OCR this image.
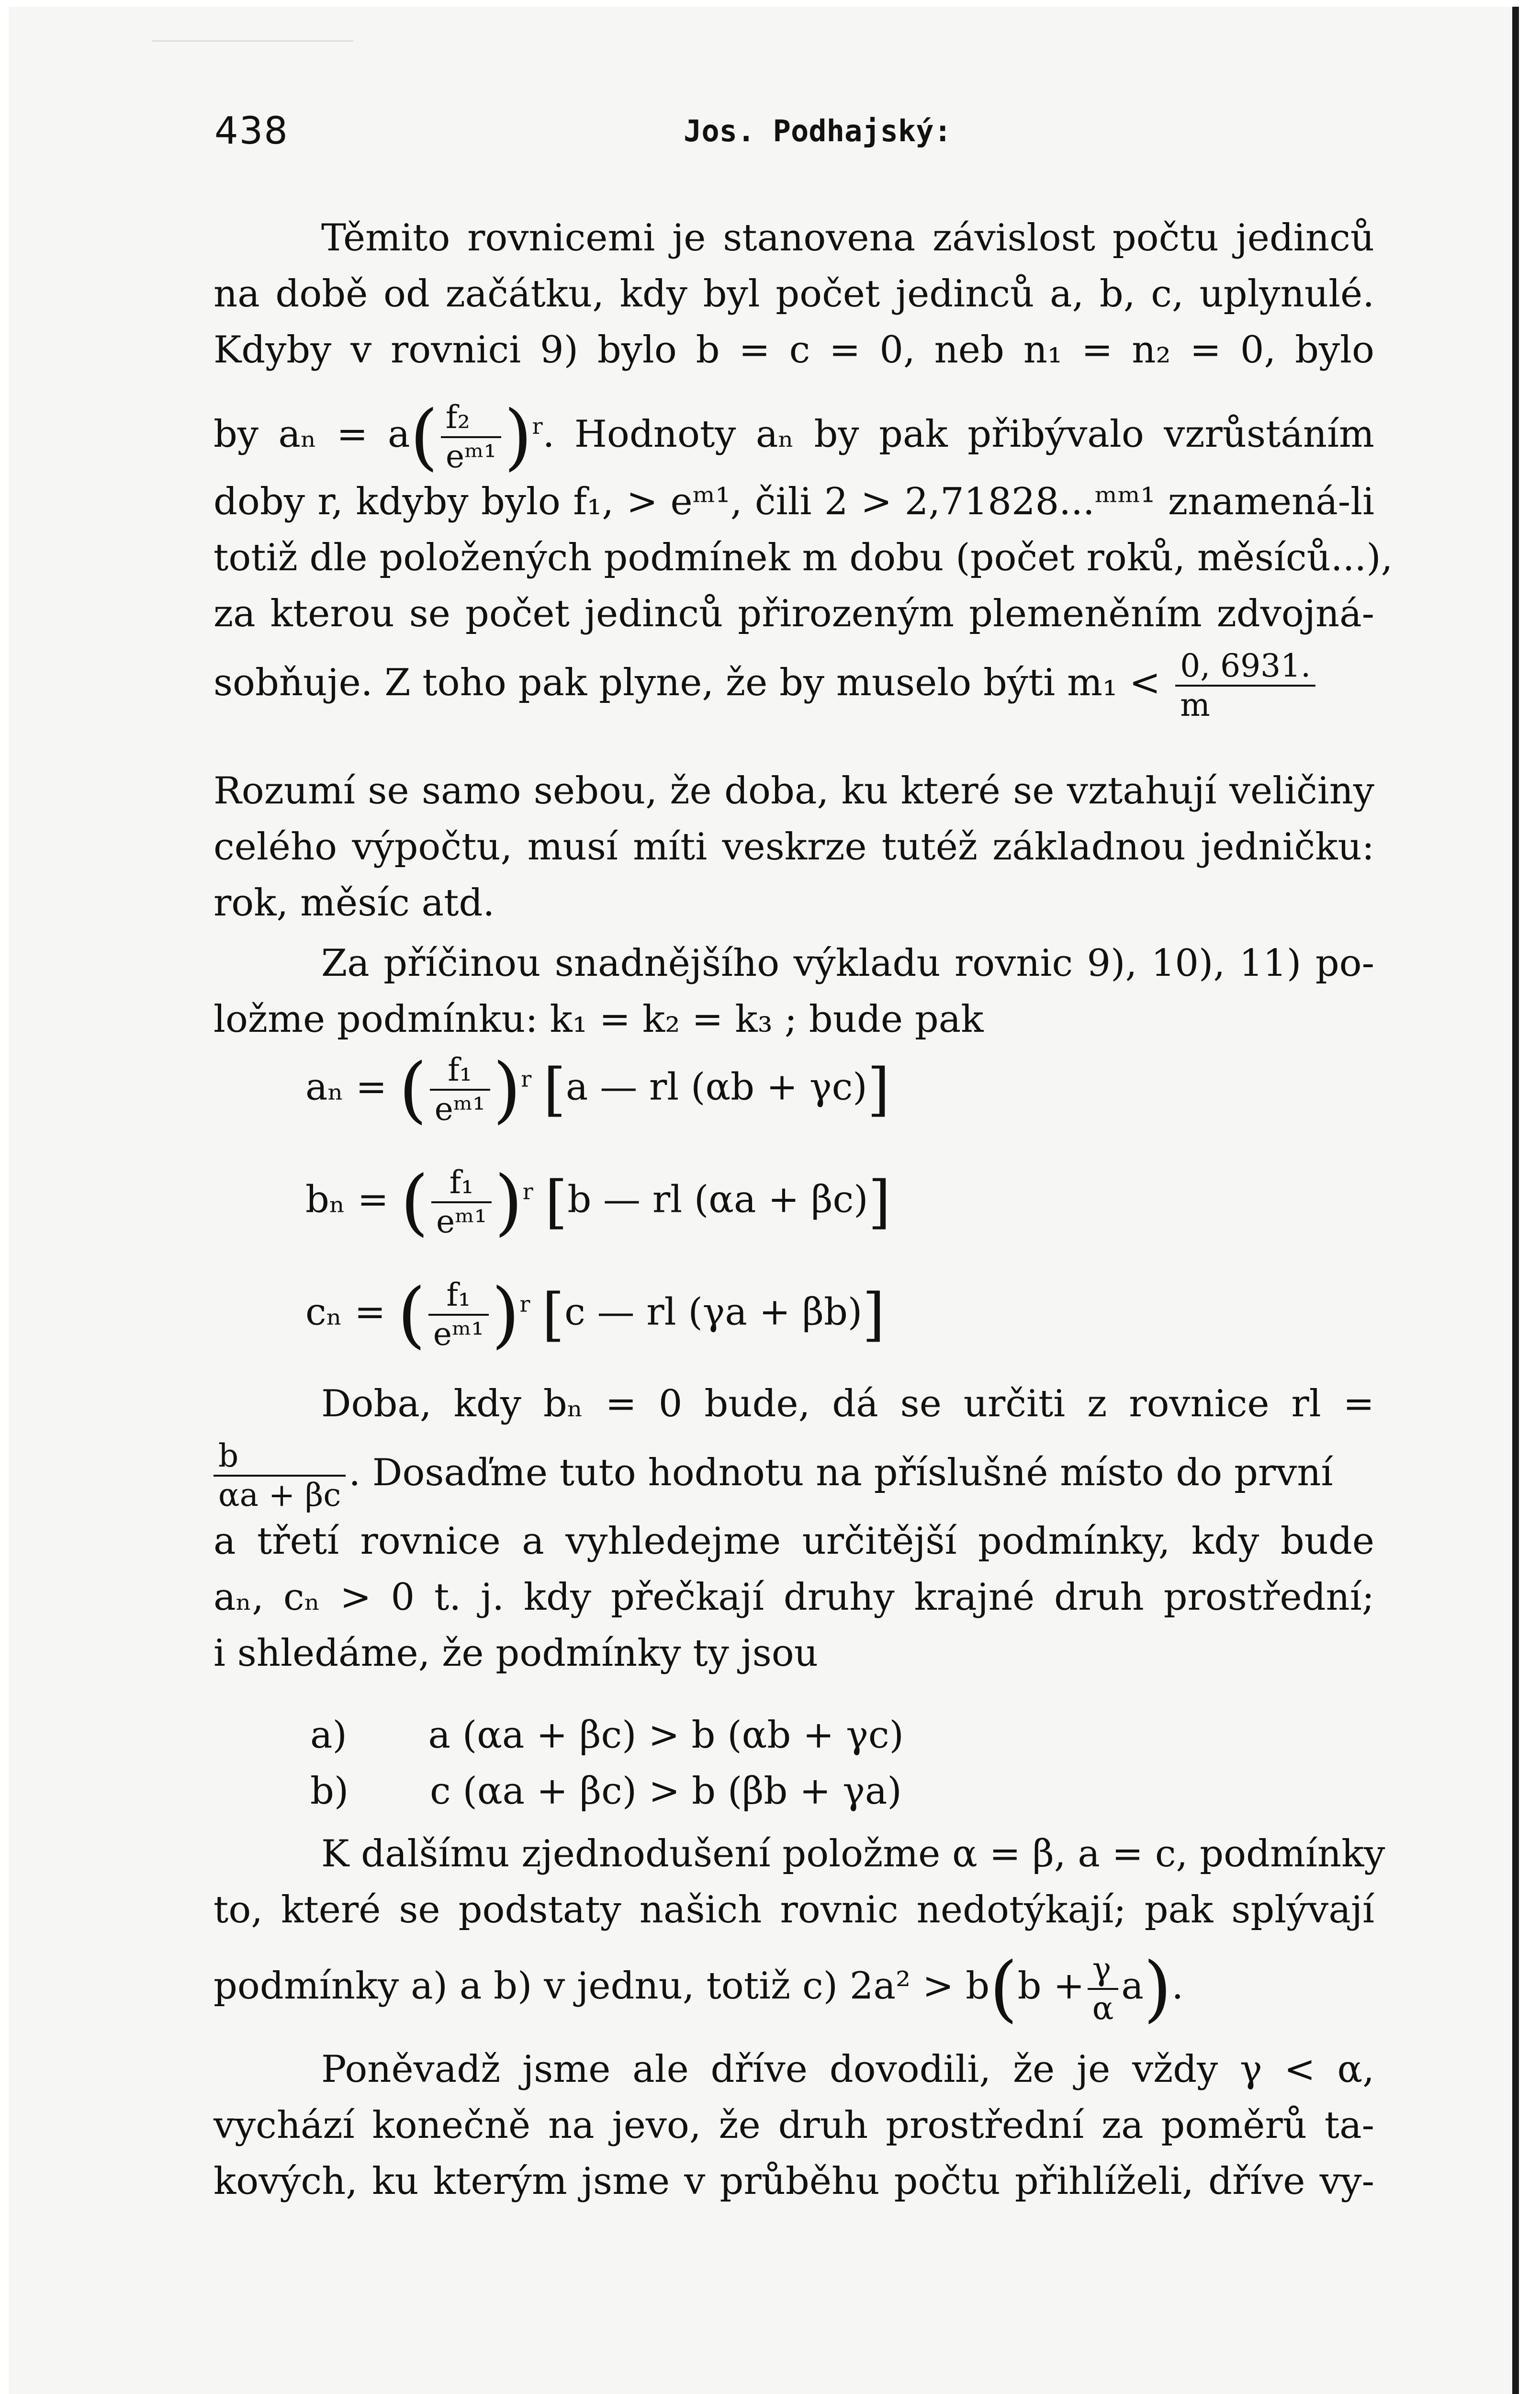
438	Jos. Podhajský:
Těmito rovnicemi je stanovena závislost počtu jedinců
na době od začátku, kdy byl počet jedinců a, b, c, uplynulé.
Kdyby v rovnici 9) bylo b = c = 0, neb n₁ = n₂ = 0, bylo
by $a_n = a( \frac{\text{f₂}}{\text{eᵐ¹}} )^r$. Hodnoty aₙ by pak přibývalo vzrůstáním
doby r, kdyby bylo f₁, > eᵐ¹, čili 2 > 2,71828...ᵐᵐ¹ znamená-li
totiž dle položených podmínek m dobu (počet roků, měsíců...),
za kterou se počet jedinců přirozeným plemeněním zdvojná-
sobňuje. Z toho pak plyne, že by muselo býti $m_1 < \frac{0, 6931.}{m}$
Rozumí se samo sebou, že doba, ku které se vztahují veličiny
celého výpočtu, musí míti veskrze tutéž základnou jedničku:
rok, měsíc atd.
Za příčinou snadnějšího výkladu rovnic 9), 10), 11) po-
ložme podmínku: k₁ = k₂ = k₃ ; bude pak
aₙ = ( $\frac{\text{f₁}}{\text{eᵐ¹}} )^r$ [a — rl (αb + γc)]
bₙ = ( $\frac{\text{f₁}}{\text{eᵐ¹}} )^r$ [b — rl (αa + βc)]
cₙ = ( $\frac{\text{f₁}}{\text{eᵐ¹}} )^r$ [c — rl (γa + βb)]
Doba, kdy bₙ = 0 bude, dá se určiti z rovnice rl =
$\frac{b}{\alpha a + \beta c}$ . Dosaďme tuto hodnotu na příslušné místo do první
a třetí rovnice a vyhledejme určitější podmínky, kdy bude
aₙ, cₙ > 0 t. j. kdy přečkají druhy krajné druh prostřední;
i shledáme, že podmínky ty jsou
a) a (αa + βc) > b (αb + γc)
b) c (αa + βc) > b (βb + γa)
K dalšímu zjednodušení položme α = β, a = c, podmínky
to, které se podstaty našich rovnic nedotýkají; pak splývají
podmínky a) a b) v jednu, totiž c) $2a^2 > b(b + \frac{\gamma}{\alpha} a)$.
Poněvadž jsme ale dříve dovodili, že je vždy γ < α,
vychází konečně na jevo, že druh prostřední za poměrů ta-
kových, ku kterým jsme v průběhu počtu přihlíželi, dříve vy-
